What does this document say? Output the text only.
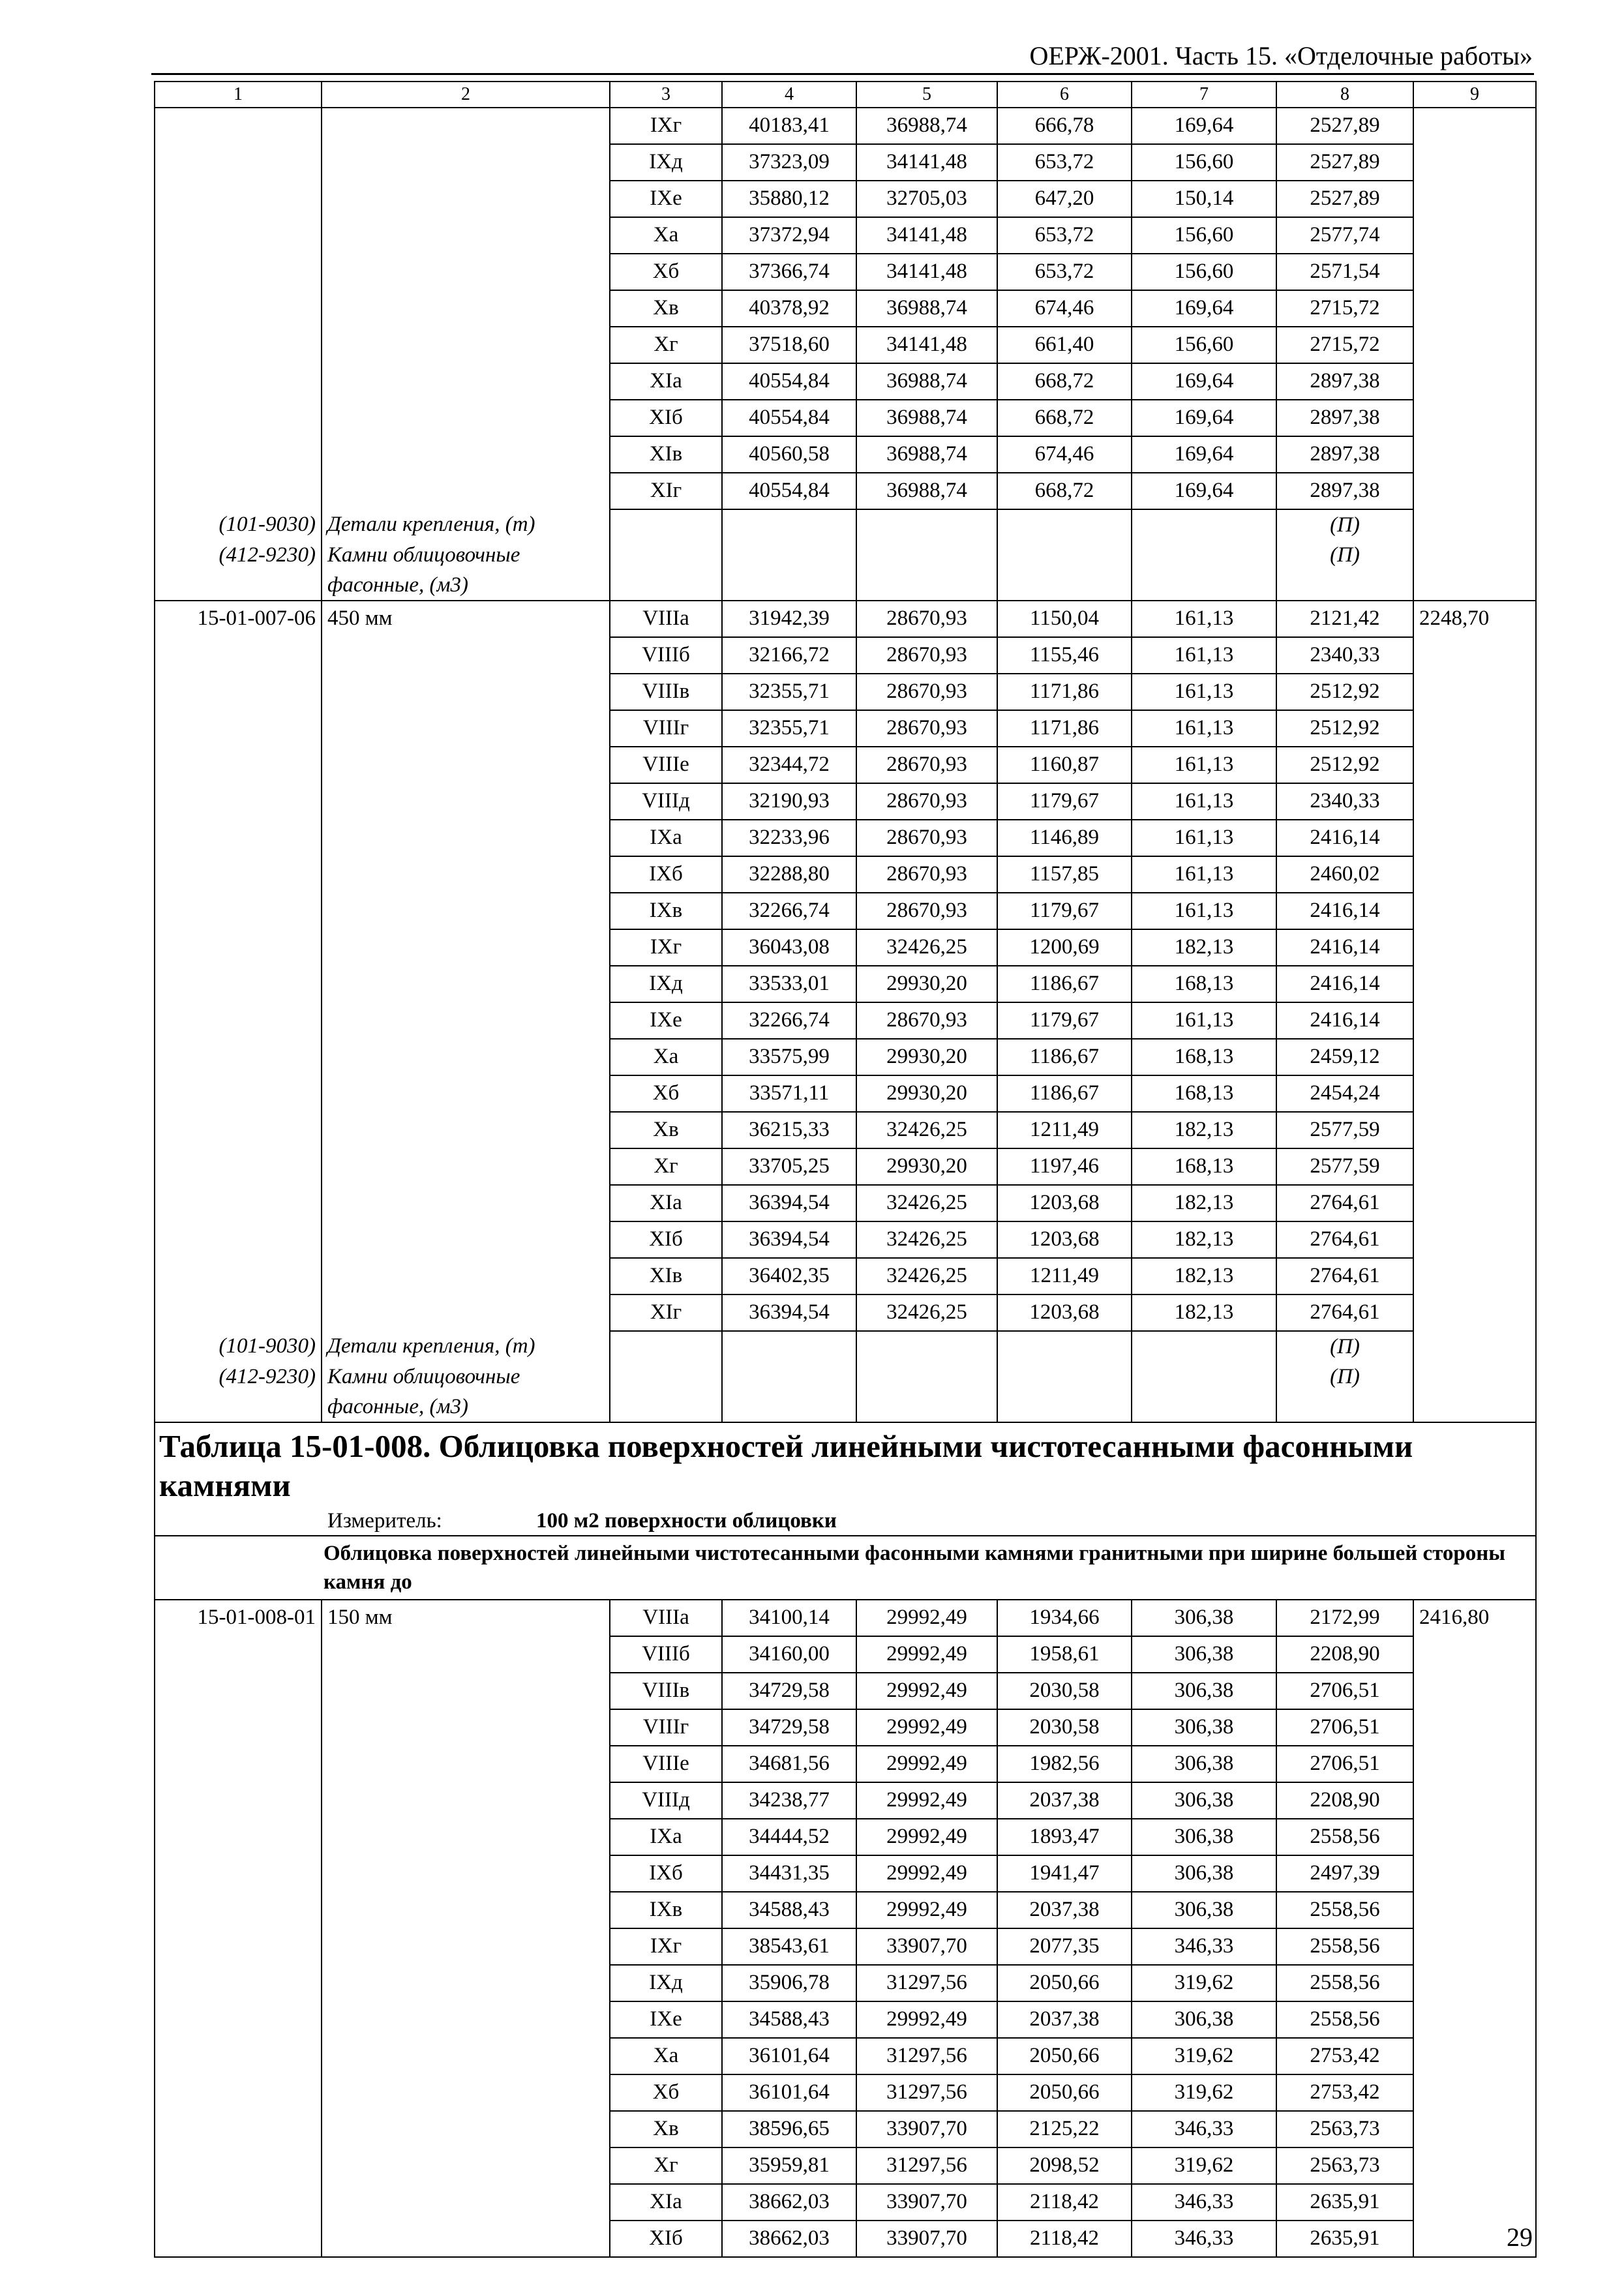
ОЕРЖ-2001. Часть 15. «Отделочные работы»
1	2	3	4	5	6	7	8	9
		IXг	40183,41	36988,74	666,78	169,64	2527,89	
		IXд	37323,09	34141,48	653,72	156,60	2527,89	
		IXе	35880,12	32705,03	647,20	150,14	2527,89	
		Xа	37372,94	34141,48	653,72	156,60	2577,74	
		Xб	37366,74	34141,48	653,72	156,60	2571,54	
		Xв	40378,92	36988,74	674,46	169,64	2715,72	
		Xг	37518,60	34141,48	661,40	156,60	2715,72	
		XIа	40554,84	36988,74	668,72	169,64	2897,38	
		XIб	40554,84	36988,74	668,72	169,64	2897,38	
		XIв	40560,58	36988,74	674,46	169,64	2897,38	
		XIг	40554,84	36988,74	668,72	169,64	2897,38	
(101-9030)	Детали крепления, (т)						(П)	
(412-9230)	Камни облицовочные фасонные, (м3)						(П)	
15-01-007-06	450 мм	VIIIа	31942,39	28670,93	1150,04	161,13	2121,42	2248,70
		VIIIб	32166,72	28670,93	1155,46	161,13	2340,33	
		VIIIв	32355,71	28670,93	1171,86	161,13	2512,92	
		VIIIг	32355,71	28670,93	1171,86	161,13	2512,92	
		VIIIе	32344,72	28670,93	1160,87	161,13	2512,92	
		VIIIд	32190,93	28670,93	1179,67	161,13	2340,33	
		IXа	32233,96	28670,93	1146,89	161,13	2416,14	
		IXб	32288,80	28670,93	1157,85	161,13	2460,02	
		IXв	32266,74	28670,93	1179,67	161,13	2416,14	
		IXг	36043,08	32426,25	1200,69	182,13	2416,14	
		IXд	33533,01	29930,20	1186,67	168,13	2416,14	
		IXе	32266,74	28670,93	1179,67	161,13	2416,14	
		Xа	33575,99	29930,20	1186,67	168,13	2459,12	
		Xб	33571,11	29930,20	1186,67	168,13	2454,24	
		Xв	36215,33	32426,25	1211,49	182,13	2577,59	
		Xг	33705,25	29930,20	1197,46	168,13	2577,59	
		XIа	36394,54	32426,25	1203,68	182,13	2764,61	
		XIб	36394,54	32426,25	1203,68	182,13	2764,61	
		XIв	36402,35	32426,25	1211,49	182,13	2764,61	
		XIг	36394,54	32426,25	1203,68	182,13	2764,61	
(101-9030)	Детали крепления, (т)						(П)	
(412-9230)	Камни облицовочные фасонные, (м3)						(П)	

Таблица 15-01-008. Облицовка поверхностей линейными чистотесанными фасонными камнями
Измеритель: 100 м2 поверхности облицовки								

Облицовка поверхностей линейными чистотесанными фасонными камнями гранитными при ширине большей стороны камня до								

15-01-008-01	150 мм	VIIIа	34100,14	29992,49	1934,66	306,38	2172,99	2416,80
		VIIIб	34160,00	29992,49	1958,61	306,38	2208,90	
		VIIIв	34729,58	29992,49	2030,58	306,38	2706,51	
		VIIIг	34729,58	29992,49	2030,58	306,38	2706,51	
		VIIIе	34681,56	29992,49	1982,56	306,38	2706,51	
		VIIIд	34238,77	29992,49	2037,38	306,38	2208,90	
		IXа	34444,52	29992,49	1893,47	306,38	2558,56	
		IXб	34431,35	29992,49	1941,47	306,38	2497,39	
		IXв	34588,43	29992,49	2037,38	306,38	2558,56	
		IXг	38543,61	33907,70	2077,35	346,33	2558,56	
		IXд	35906,78	31297,56	2050,66	319,62	2558,56	
		IXе	34588,43	29992,49	2037,38	306,38	2558,56	
		Xа	36101,64	31297,56	2050,66	319,62	2753,42	
		Xб	36101,64	31297,56	2050,66	319,62	2753,42	
		Xв	38596,65	33907,70	2125,22	346,33	2563,73	
		Xг	35959,81	31297,56	2098,52	319,62	2563,73	
		XIа	38662,03	33907,70	2118,42	346,33	2635,91	
		XIб	38662,03	33907,70	2118,42	346,33	2635,91		29
